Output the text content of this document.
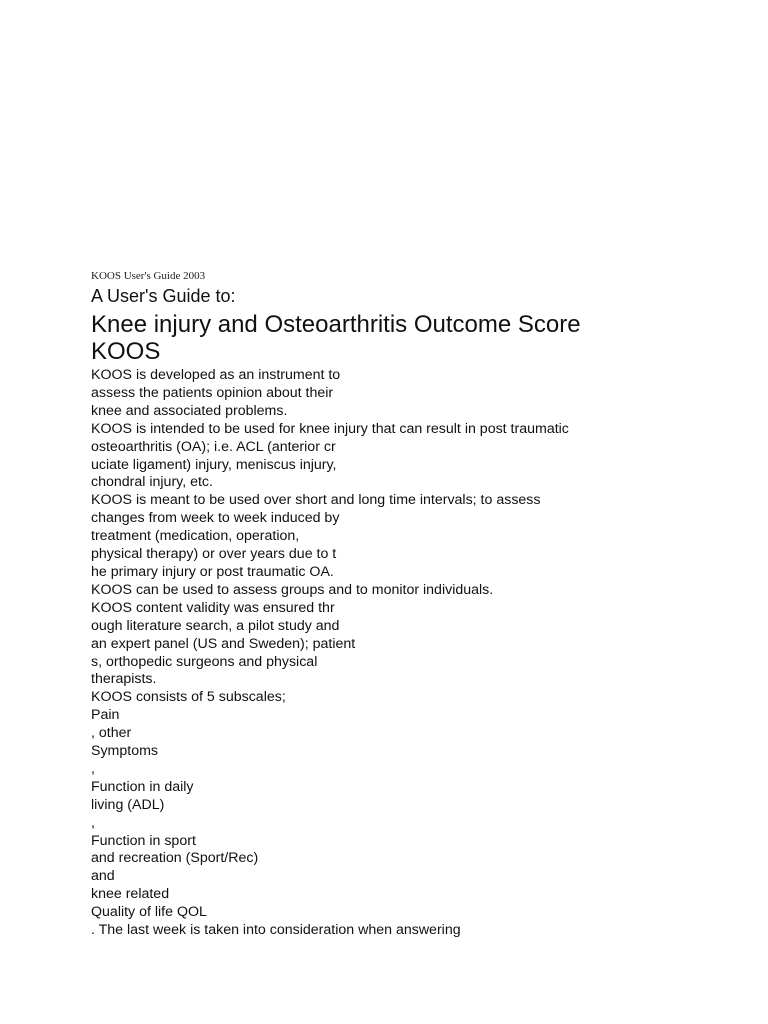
KOOS User's Guide 2003
A User's Guide to:
Knee injury and Osteoarthritis Outcome Score
KOOS
KOOS is developed as an instrument to
assess the patients opinion about their
knee and associated problems.
KOOS is intended to be used for knee injury that can result in post traumatic
osteoarthritis (OA); i.e. ACL (anterior cr
uciate ligament) injury, meniscus injury,
chondral injury, etc.
KOOS is meant to be used over short and long time intervals; to assess
changes from week to week induced by
treatment (medication, operation,
physical therapy) or over years due to t
he primary injury or post traumatic OA.
KOOS can be used to assess groups and to monitor individuals.
KOOS content validity was ensured thr
ough literature search, a pilot study and
an expert panel (US and Sweden); patient
s, orthopedic surgeons and physical
therapists.
KOOS consists of 5 subscales;
Pain
, other
Symptoms
,
Function in daily
living (ADL)
,
Function in sport
and recreation (Sport/Rec)
and
knee related
Quality of life QOL
. The last week is taken into consideration when answering
